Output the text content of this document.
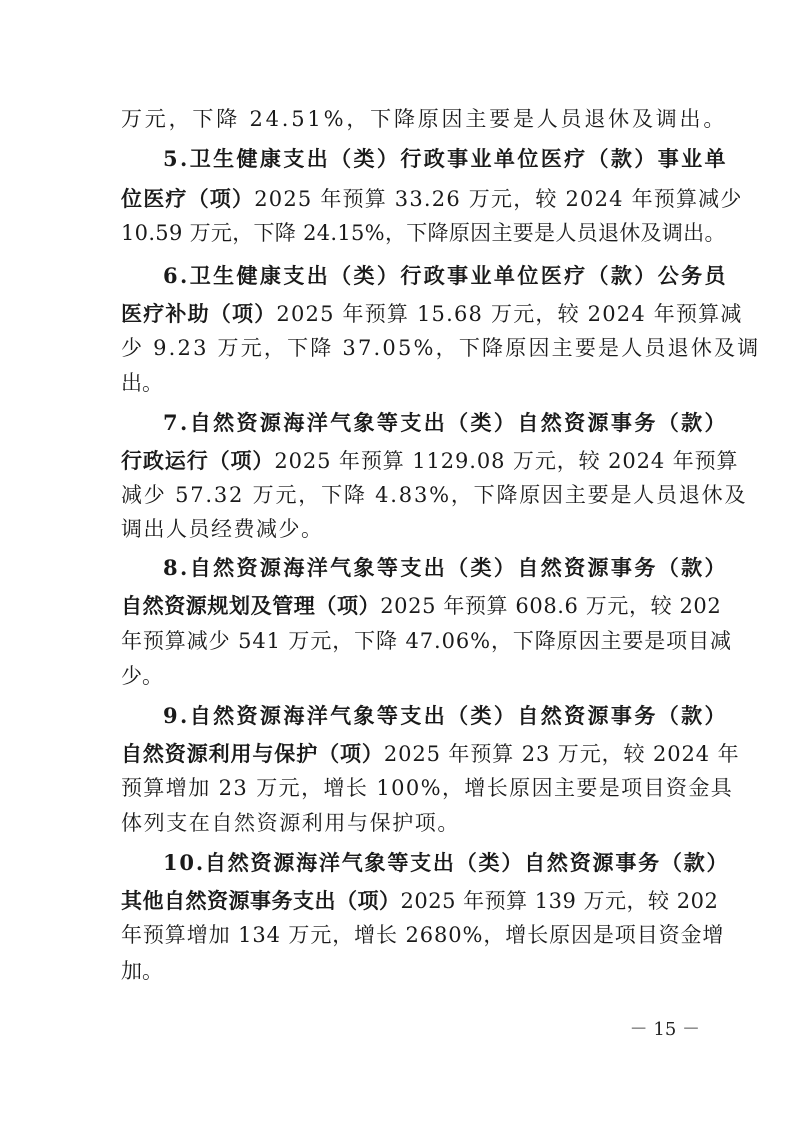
万元，下降 24.51%，下降原因主要是人员退休及调出。
5.卫生健康支出（类）行政事业单位医疗（款）事业单
位医疗（项）2025 年预算 33.26 万元，较 2024 年预算减少
10.59 万元，下降 24.15%，下降原因主要是人员退休及调出。
6.卫生健康支出（类）行政事业单位医疗（款）公务员
医疗补助（项）2025 年预算 15.68 万元，较 2024 年预算减
少 9.23 万元，下降 37.05%，下降原因主要是人员退休及调
出。
7.自然资源海洋气象等支出（类）自然资源事务（款）
行政运行（项）2025 年预算 1129.08 万元，较 2024 年预算
减少 57.32 万元，下降 4.83%，下降原因主要是人员退休及
调出人员经费减少。
8.自然资源海洋气象等支出（类）自然资源事务（款）
自然资源规划及管理（项）2025 年预算 608.6 万元，较 202
年预算减少 541 万元，下降 47.06%，下降原因主要是项目减
少。
9.自然资源海洋气象等支出（类）自然资源事务（款）
自然资源利用与保护（项）2025 年预算 23 万元，较 2024 年
预算增加 23 万元，增长 100%，增长原因主要是项目资金具
体列支在自然资源利用与保护项。
10.自然资源海洋气象等支出（类）自然资源事务（款）
其他自然资源事务支出（项）2025 年预算 139 万元，较 202
年预算增加 134 万元，增长 2680%，增长原因是项目资金增
加。
－ 15 －
